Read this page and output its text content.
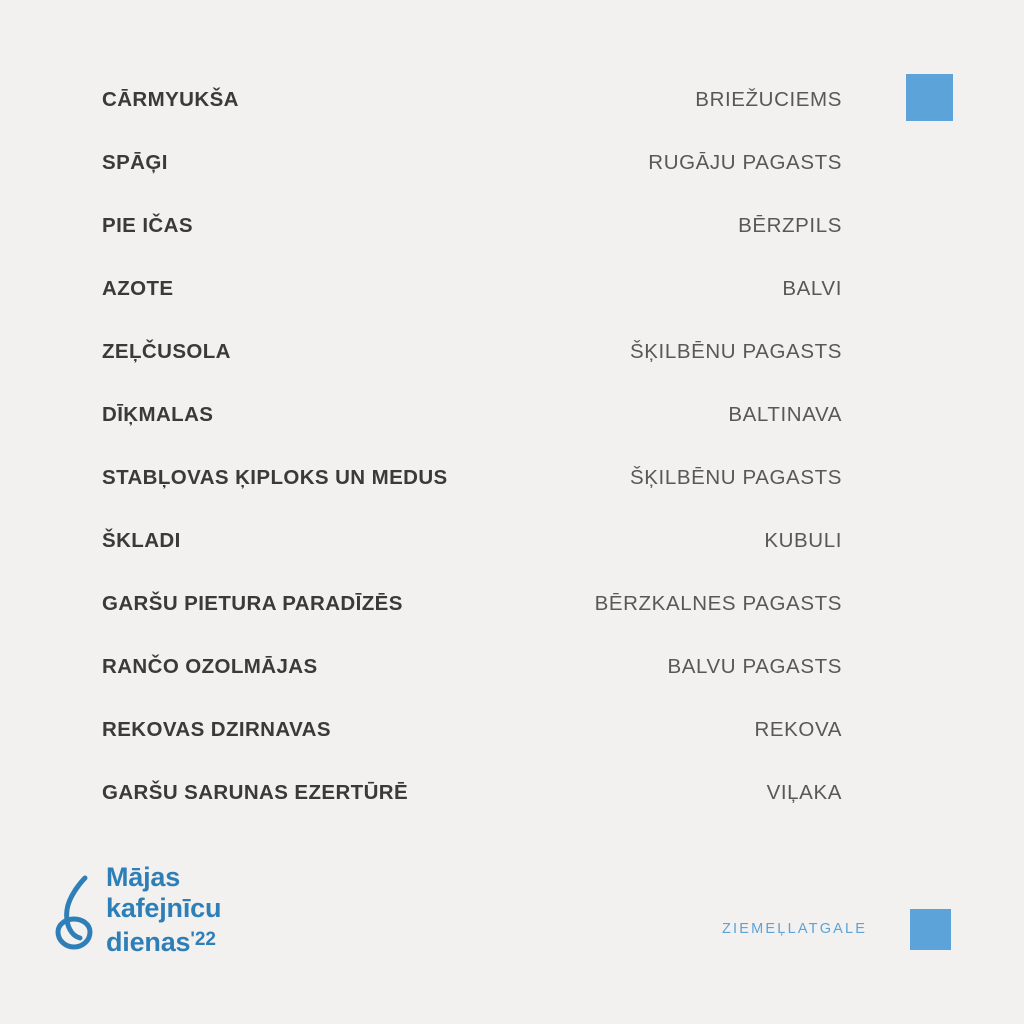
CĀRMYUKŠA	BRIEŽUCIEMS
SPĀĢI	RUGĀJU PAGASTS
PIE IČAS	BĒRZPILS
AZOTE	BALVI
ZEĻČUSOLA	ŠĶILBĒNU PAGASTS
DĪĶMALAS	BALTINAVA
STABĻOVAS ĶIPLOKS UN MEDUS	ŠĶILBĒNU PAGASTS
ŠKLADI	KUBULI
GARŠU PIETURA PARADĪZĒS	BĒRZKALNES PAGASTS
RANČO OZOLMĀJAS	BALVU PAGASTS
REKOVAS DZIRNAVAS	REKOVA
GARŠU SARUNAS EZERTŪRĒ	VIĻAKA
Mājas
kafejnīcu
dienas$^{'22}$	ZIEMEĻLATGALE
